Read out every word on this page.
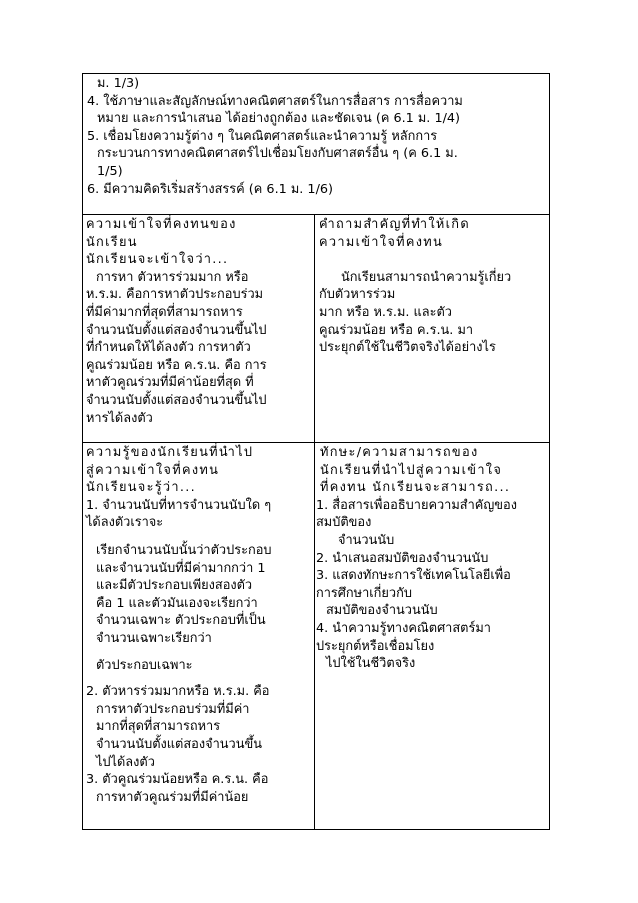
ม. 1/3)

4. ใช้ภาษาและสัญลักษณ์ทางคณิตศาสตร์ในการสื่อสาร การสื่อความ

หมาย และการนำเสนอ ได้อย่างถูกต้อง และชัดเจน (ค 6.1 ม. 1/4)

5. เชื่อมโยงความรู้ต่าง ๆ ในคณิตศาสตร์และนำความรู้ หลักการ

กระบวนการทางคณิตศาสตร์ไปเชื่อมโยงกับศาสตร์อื่น ๆ (ค 6.1 ม.

1/5)

6. มีความคิดริเริ่มสร้างสรรค์ (ค 6.1 ม. 1/6)

ความเข้าใจที่คงทนของ

นักเรียน

นักเรียนจะเข้าใจว่า...

การหา ตัวหารร่วมมาก หรือ

ห.ร.ม. คือการหาตัวประกอบร่วม

ที่มีค่ามากที่สุดที่สามารถหาร

จำนวนนับตั้งแต่สองจำนวนขึ้นไป

ที่กำหนดให้ได้ลงตัว การหาตัว

คูณร่วมน้อย หรือ ค.ร.น. คือ การ

หาตัวคูณร่วมที่มีค่าน้อยที่สุด ที่

จำนวนนับตั้งแต่สองจำนวนขึ้นไป

หารได้ลงตัว

คำถามสำคัญที่ทำให้เกิด

ความเข้าใจที่คงทน

นักเรียนสามารถนำความรู้เกี่ยว

กับตัวหารร่วม

มาก หรือ ห.ร.ม. และตัว

คูณร่วมน้อย หรือ ค.ร.น. มา

ประยุกต์ใช้ในชีวิตจริงได้อย่างไร

ความรู้ของนักเรียนที่นำไป

สู่ความเข้าใจที่คงทน

นักเรียนจะรู้ว่า...

1. จำนวนนับที่หารจำนวนนับใด ๆ

ได้ลงตัวเราจะ

เรียกจำนวนนับนั้นว่าตัวประกอบ

และจำนวนนับที่มีค่ามากกว่า 1

และมีตัวประกอบเพียงสองตัว

คือ 1 และตัวมันเองจะเรียกว่า

จำนวนเฉพาะ ตัวประกอบที่เป็น

จำนวนเฉพาะเรียกว่า

ตัวประกอบเฉพาะ

2. ตัวหารร่วมมากหรือ ห.ร.ม. คือ

การหาตัวประกอบร่วมที่มีค่า

มากที่สุดที่สามารถหาร

จำนวนนับตั้งแต่สองจำนวนขึ้น

ไปได้ลงตัว

3. ตัวคูณร่วมน้อยหรือ ค.ร.น. คือ

การหาตัวคูณร่วมที่มีค่าน้อย

ทักษะ/ความสามารถของ

นักเรียนที่นำไปสู่ความเข้าใจ

ที่คงทน นักเรียนจะสามารถ...

1. สื่อสารเพื่ออธิบายความสำคัญของ

สมบัติของ

จำนวนนับ

2. นำเสนอสมบัติของจำนวนนับ

3. แสดงทักษะการใช้เทคโนโลยีเพื่อ

การศึกษาเกี่ยวกับ

สมบัติของจำนวนนับ

4. นำความรู้ทางคณิตศาสตร์มา

ประยุกต์หรือเชื่อมโยง

ไปใช้ในชีวิตจริง
